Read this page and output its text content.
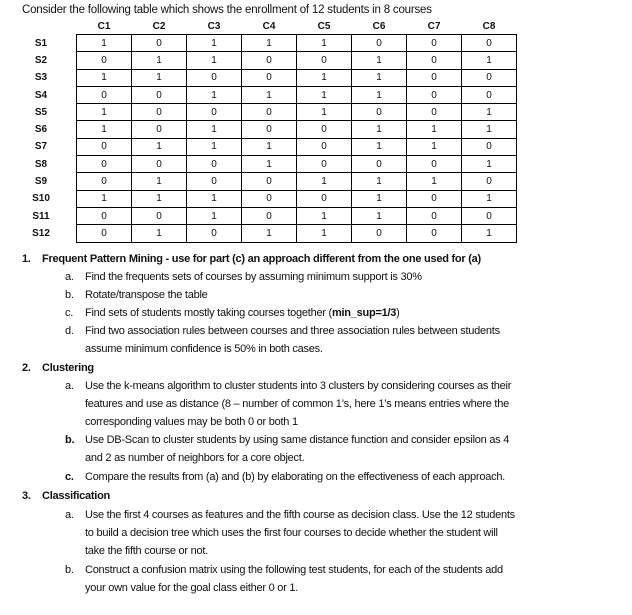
Consider the following table which shows the enrollment of 12 students in 8 courses
	C1	C2	C3	C4	C5	C6	C7	C8
S1	1	0	1	1	1	0	0	0
S2	0	1	1	0	0	1	0	1
S3	1	1	0	0	1	1	0	0
S4	0	0	1	1	1	1	0	0
S5	1	0	0	0	1	0	0	1
S6	1	0	1	0	0	1	1	1
S7	0	1	1	1	0	1	1	0
S8	0	0	0	1	0	0	0	1
S9	0	1	0	0	1	1	1	0
S10	1	1	1	0	0	1	0	1
S11	0	0	1	0	1	1	0	0
S12	0	1	0	1	1	0	0	1
1. Frequent Pattern Mining - use for part (c) an approach different from the one used for (a)
a. Find the frequents sets of courses by assuming minimum support is 30%
b. Rotate/transpose the table
c. Find sets of students mostly taking courses together (min_sup=1/3)
d. Find two association rules between courses and three association rules between students
assume minimum confidence is 50% in both cases.
2. Clustering
a. Use the k-means algorithm to cluster students into 3 clusters by considering courses as their
features and use as distance (8 – number of common 1’s, here 1’s means entries where the
corresponding values may be both 0 or both 1
b. Use DB-Scan to cluster students by using same distance function and consider epsilon as 4
and 2 as number of neighbors for a core object.
c. Compare the results from (a) and (b) by elaborating on the effectiveness of each approach.
3. Classification
a. Use the first 4 courses as features and the fifth course as decision class. Use the 12 students
to build a decision tree which uses the first four courses to decide whether the student will
take the fifth course or not.
b. Construct a confusion matrix using the following test students, for each of the students add
your own value for the goal class either 0 or 1.
